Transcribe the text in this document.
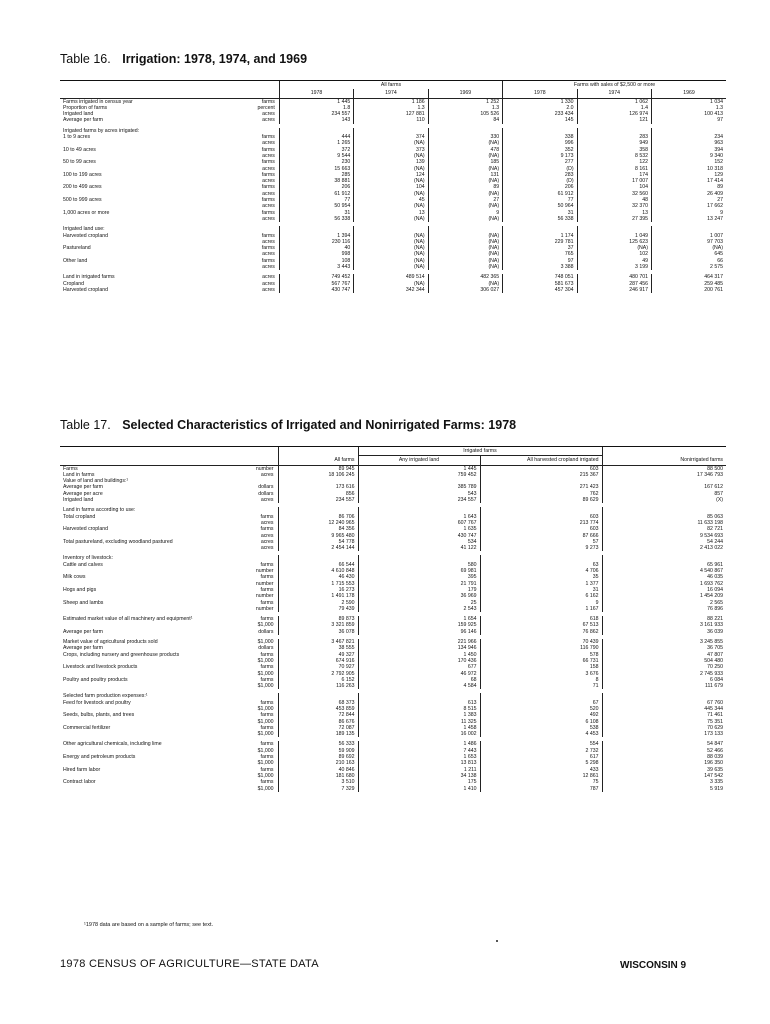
Table 16. Irrigation: 1978, 1974, and 1969
		All farms			Farms with sales of $2,500 or more		
		1978	1974	1969	1978	1974	1969
Farms irrigated in census year	farms	1 445	1 186	1 252	1 330	1 062	1 034
Proportion of farms	percent	1.8	1.3	1.3	2.0	1.4	1.3
Irrigated land	acres	234 557	127 881	105 526	233 434	126 974	100 413
Average per farm	acres	143	110	84	145	121	97

Irrigated farms by acres irrigated:							
1 to 9 acres	farms	444	374	330	338	283	234
	acres	1 265	(NA)	(NA)	996	949	963
10 to 49 acres	farms	372	373	478	352	358	394
	acres	9 544	(NA)	(NA)	9 173	8 532	9 340
50 to 99 acres	farms	230	139	185	277	122	152
	acres	15 663	(NA)	(NA)	(D)	8 161	10 318
100 to 199 acres	farms	285	124	131	283	174	129
	acres	38 881	(NA)	(NA)	(D)	17 007	17 414
200 to 499 acres	farms	206	104	89	206	104	89
	acres	61 912	(NA)	(NA)	61 912	32 560	26 409
500 to 999 acres	farms	77	45	27	77	48	27
	acres	50 954	(NA)	(NA)	50 964	32 370	17 662
1,000 acres or more	farms	31	13	9	31	13	9
	acres	56 338	(NA)	(NA)	56 338	27 395	13 247

Irrigated land use:							
Harvested cropland	farms	1 394	(NA)	(NA)	1 174	1 049	1 007
	acres	230 116	(NA)	(NA)	229 781	125 623	97 703
Pastureland	farms	40	(NA)	(NA)	37	(NA)	(NA)
	acres	998	(NA)	(NA)	765	102	645
Other land	farms	108	(NA)	(NA)	97	49	66
	acres	3 443	(NA)	(NA)	3 388	3 199	2 575

Land in irrigated farms	acres	749 452	489 514	482 365	748 051	480 701	464 317
Cropland	acres	567 767	(NA)	(NA)	581 673	287 456	259 485
Harvested cropland	acres	430 747	342 344	306 027	457 304	246 917	200 761
Table 17. Selected Characteristics of Irrigated and Nonirrigated Farms: 1978
			Irrigated farms		
		All farms	Any irrigated land	All harvested cropland irrigated	Nonirrigated farms
Farms	number	89 945	1 445	603	88 500
Land in farms	acres	18 106 245	759 452	215 367	17 346 793
Value of land and buildings:¹					
Average per farm	dollars	173 616	385 789	271 423	167 612
Average per acre	dollars	856	543	762	857
Irrigated land	acres	234 557	234 557	89 629	(X)

Land in farms according to use:					
Total cropland	farms	86 706	1 643	603	85 063
	acres	12 240 965	607 767	213 774	11 633 198
Harvested cropland	farms	84 356	1 635	603	82 721
	acres	9 965 480	430 747	87 666	9 534 693
Total pastureland, excluding woodland pastured	acres	54 778	534	57	54 244
	acres	2 454 144	41 122	9 273	2 413 022

Inventory of livestock:					
Cattle and calves	farms	66 544	580	63	65 961
	number	4 610 848	69 981	4 706	4 540 867
Milk cows	farms	46 430	395	35	46 035
	number	1 715 553	21 791	1 377	1 693 762
Hogs and pigs	farms	16 273	179	31	16 094
	number	1 491 178	36 969	6 162	1 454 209
Sheep and lambs	farms	2 590	25	9	2 565
	number	79 439	2 543	1 167	76 896

Estimated market value of all machinery and equipment¹	farms	89 873	1 654	618	88 221
	$1,000	3 321 859	159 925	67 513	3 161 933
Average per farm	dollars	36 078	96 146	76 862	36 039

Market value of agricultural products sold	$1,000	3 467 821	221 966	70 439	3 245 855
Average per farm	dollars	38 555	134 946	116 790	36 705
Crops, including nursery and greenhouse products	farms	49 327	1 450	578	47 807
	$1,000	674 916	170 436	66 731	504 480
Livestock and livestock products	farms	70 927	677	158	70 250
	$1,000	2 792 905	46 972	3 676	2 745 933
Poultry and poultry products	farms	6 152	68	8	6 084
	$1,000	116 263	4 584	71	111 679

Selected farm production expenses:¹					
Feed for livestock and poultry	farms	68 373	613	67	67 760
	$1,000	453 859	8 515	520	445 344
Seeds, bulbs, plants, and trees	farms	72 844	1 383	492	71 461
	$1,000	86 676	11 325	6 108	75 351
Commercial fertilizer	farms	72 087	1 458	538	70 629
	$1,000	189 135	16 002	4 453	173 133

Other agricultural chemicals, including lime	farms	56 333	1 486	554	54 847
	$1,000	59 909	7 443	2 732	52 466
Energy and petroleum products	farms	89 692	1 653	617	88 039
	$1,000	210 163	13 813	5 298	196 350
Hired farm labor	farms	40 846	1 211	433	39 635
	$1,000	181 680	34 138	12 861	147 542
Contract labor	farms	3 510	175	75	3 335
	$1,000	7 329	1 410	787	5 919
¹1978 data are based on a sample of farms; see text.
1978 CENSUS OF AGRICULTURE—STATE DATA	WISCONSIN 9
